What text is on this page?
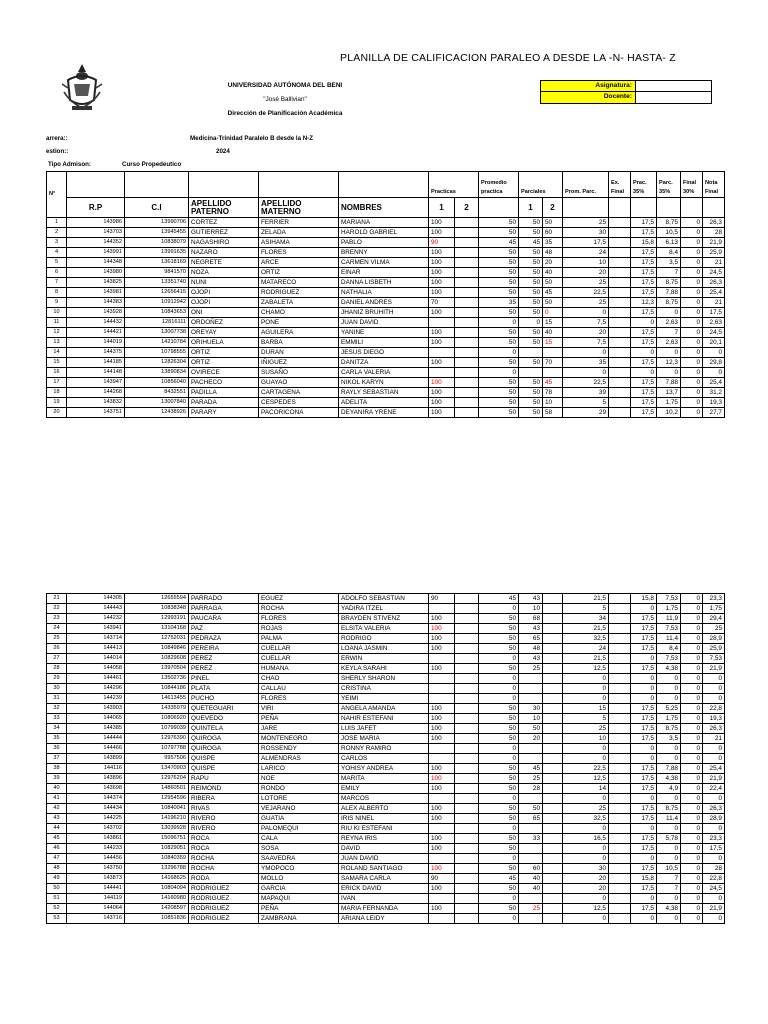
PLANILLA DE CALIFICACION PARALEO A DESDE LA -N- HASTA- Z
UNIVERSIDAD AUTÓNOMA DEL BENI
"José Ballivian"
Dirección de Planificación Académica
Asignatura:
Docente:
arrera::	Medicina-Trinidad Paralelo B desde la N-Z
estion::	2024
Tipo Admison:	Curso Propedeutico
N°						Practicas		Promedio practica	Parciales		Prom. Parc.	Ex. Final	Prac. 35%	Parc. 35%	Final 30%	Nota Final
	R.P	C.I	APELLIDO PATERNO	APELLIDO MATERNO	NOMBRES	1	2		1	2						
1	143986	13990706	CORTEZ	FERRIER	MARIANA	100		50	50	50	25		17,5	8,75	0	26,3
2	143703	13945455	GUTIERREZ	ZELADA	HAROLD GABRIEL	100		50	50	60	30		17,5	10,5	0	28
3	144352	10838079	NAGASHIRO	ASIHAMA	PABLO	90		45	45	35	17,5		15,8	6,13	0	21,9
4	143991	13991635	NAZARO	FLORES	BRENNY	100		50	50	48	24		17,5	8,4	0	25,9
5	144348	13618169	NEGRETE	ARCE	CARMEN VILMA	100		50	50	20	10		17,5	3,5	0	21
6	143980	9841570	NOZA	ORTIZ	EINAR	100		50	50	40	20		17,5	7	0	24,5
7	143825	13351740	NUNI	MATARECO	DANNA LISBETH	100		50	50	50	25		17,5	8,75	0	26,3
8	143981	12656415	OJOPI	RODRIGUEZ	NATHALIA	100		50	50	45	22,5		17,5	7,88	0	25,4
9	144383	10912942	OJOPI	ZABALETA	DANIEL ANDRES	70		35	50	50	25		12,3	8,75	0	21
10	143928	10843653	ONI	CHAMO	JHANIZ BRUHITH	100		50	50	0	0		17,5	0	0	17,5
11	144432	12816111	ORDOÑEZ	PONE	JUAN DAVID			0	0	15	7,5		0	2,63	0	2,63
12	144421	13007738	OREYAY	AGUILERA	YANINE	100		50	50	40	20		17,5	7	0	24,5
13	144019	14210784	ORIHUELA	BARBA	EMMILI	100		50	50	15	7,5		17,5	2,63	0	20,1
14	144375	10798555	ORTIZ	DURAN	JESUS DIEGO			0			0		0	0	0	0
15	144185	12826304	ORTIZ	IÑIGUEZ	DANITZA	100		50	50	70	35		17,5	12,3	0	29,8
16	144148	13890834	OVIRECE	SUSAÑO	CARLA VALERIA			0			0		0	0	0	0
17	143947	10856040	PACHECO	GUAYAO	NIKOL KARYN	100		50	50	45	22,5		17,5	7,88	0	25,4
18	144268	8432551	PADILLA	CARTAGENA	RAYLY SEBASTIAN	100		50	50	78	39		17,5	13,7	0	31,2
19	143832	13007840	PARADA	CESPEDES	ADELITA	100		50	50	10	5		17,5	1,75	0	19,3
20	143751	12438926	PARARY	PACORICONA	DEYANIRA YRENE	100		50	50	58	29		17,5	10,2	0	27,7
21	144305	12655594	PARRADO	EGUEZ	ADOLFO SEBASTIAN	90		45	43		21,5		15,8	7,53	0	23,3
22	144443	10838348	PARRAGA	ROCHA	YADIRA ITZEL			0	10		5		0	1,75	0	1,75
23	144232	12993191	PAUCARA	FLORES	BRAYDEN STIVENZ	100		50	68		34		17,5	11,9	0	29,4
24	143941	13104168	PAZ	ROJAS	ELSITA VALERIA	100		50	43		21,5		17,5	7,53	0	25
25	143714	12752031	PEDRAZA	PALMA	RODRIGO	100		50	65		32,5		17,5	11,4	0	28,9
26	144413	10849846	PEREIRA	CUELLAR	LOANA JASMIN	100		50	48		24		17,5	8,4	0	25,9
27	144014	10829608	PEREZ	CUELLAR	ERWIN			0	43		21,5		0	7,53	0	7,53
28	144058	13970504	PEREZ	HUMANA	KEYLA SARAHI	100		50	25		12,5		17,5	4,38	0	21,9
29	144461	13502736	PINEL	CHAO	SHERLY SHARON			0			0		0	0	0	0
30	144296	10844186	PLATA	CALLAU	CRISTINA			0			0		0	0	0	0
31	144239	14613455	PUCHO	FLORES	YEIMI			0			0		0	0	0	0
32	143903	14335979	QUETEGUARI	VIRI	ANGELA AMANDA	100		50	30		15		17,5	5,25	0	22,8
33	144065	10806920	QUEVEDO	PEÑA	NAHIR ESTEFANI	100		50	10		5		17,5	1,75	0	19,3
34	144385	10799039	QUINTELA	JARE	LUIS JAFET	100		50	50		25		17,5	8,75	0	26,3
35	144444	12976390	QUIROGA	MONTENEGRO	JOSE MARIA	100		50	20		10		17,5	3,5	0	21
36	144466	10797788	QUIROGA	ROSSENDY	RONNY RAMIRO			0			0		0	0	0	0
37	143899	9957506	QUISPE	ALMENDRAS	CARLOS			0			0		0	0	0	0
38	144116	13470903	QUISPE	LARICO	YOHISY ANDREA	100		50	45		22,5		17,5	7,88	0	25,4
39	143896	12976204	RAPU	NOE	MARITA	100		50	25		12,5		17,5	4,38	0	21,9
40	143698	14860501	REIMOND	RONDO	EMILY	100		50	28		14		17,5	4,9	0	22,4
41	144374	12954596	RIBERA	LOTORE	MARCOS			0			0		0	0	0	0
42	144434	10840041	RIVAS	VEJARANO	ALEX ALBERTO	100		50	50		25		17,5	8,75	0	26,3
43	144225	14196210	RIVERO	GUATIA	IRIS NINEL	100		50	65		32,5		17,5	11,4	0	28,9
44	143702	13039928	RIVERO	PALOMEQUI	RIU KI ESTEFANI			0			0		0	0	0	0
45	143861	15096751	ROCA	CALA	REYNA IRIS	100		50	33		16,5		17,5	5,78	0	23,3
46	144233	10829051	ROCA	SOSA	DAVID	100		50			0		17,5	0	0	17,5
47	144456	10840359	ROCHA	SAAVEDRA	JUAN DAVID			0			0		0	0	0	0
48	143750	13296788	ROCHA	YMOPOCO	ROLAND SANTIAGO	100		50	60		30		17,5	10,5	0	28
49	143873	14168625	RODA	MOLLO	SAMARA CARLA	90		45	40		20		15,8	7	0	22,8
50	144441	10804094	RODRIGUEZ	GARCIA	ERICK DAVID	100		50	40		20		17,5	7	0	24,5
51	144119	14160980	RODRIGUEZ	MAPAQUI	IVAN			0			0		0	0	0	0
52	144064	14208597	RODRIGUEZ	PEÑA	MARIA FERNANDA	100		50	25		12,5		17,5	4,38	0	21,9
53	143716	10851836	RODRIGUEZ	ZAMBRANA	ARIANA LEIDY			0			0		0	0	0	0
